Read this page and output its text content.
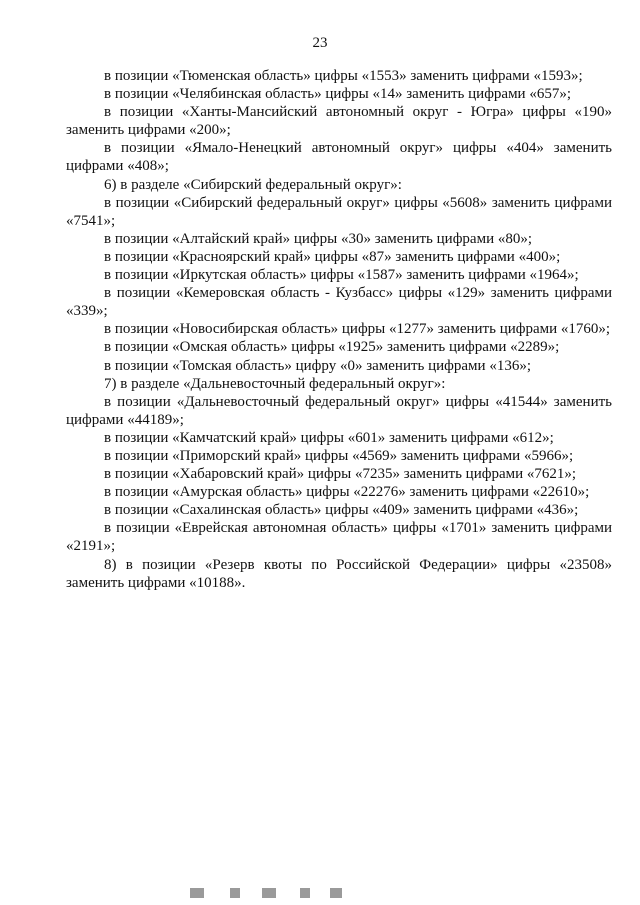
23

в позиции «Тюменская область» цифры «1553» заменить цифрами «1593»;

в позиции «Челябинская область» цифры «14» заменить цифрами «657»;

в позиции «Ханты-Мансийский автономный округ - Югра» цифры «190» заменить цифрами «200»;

в позиции «Ямало-Ненецкий автономный округ» цифры «404» заменить цифрами «408»;

6) в разделе «Сибирский федеральный округ»:

в позиции «Сибирский федеральный округ» цифры «5608» заменить цифрами «7541»;

в позиции «Алтайский край» цифры «30» заменить цифрами «80»;

в позиции «Красноярский край» цифры «87» заменить цифрами «400»;

в позиции «Иркутская область» цифры «1587» заменить цифрами «1964»;

в позиции «Кемеровская область - Кузбасс» цифры «129» заменить цифрами «339»;

в позиции «Новосибирская область» цифры «1277» заменить цифрами «1760»;

в позиции «Омская область» цифры «1925» заменить цифрами «2289»;

в позиции «Томская область» цифру «0» заменить цифрами «136»;

7) в разделе «Дальневосточный федеральный округ»:

в позиции «Дальневосточный федеральный округ» цифры «41544» заменить цифрами «44189»;

в позиции «Камчатский край» цифры «601» заменить цифрами «612»;

в позиции «Приморский край» цифры «4569» заменить цифрами «5966»;

в позиции «Хабаровский край» цифры «7235» заменить цифрами «7621»;

в позиции «Амурская область» цифры «22276» заменить цифрами «22610»;

в позиции «Сахалинская область» цифры «409» заменить цифрами «436»;

в позиции «Еврейская автономная область» цифры «1701» заменить цифрами «2191»;

8) в позиции «Резерв квоты по Российской Федерации» цифры «23508» заменить цифрами «10188».
